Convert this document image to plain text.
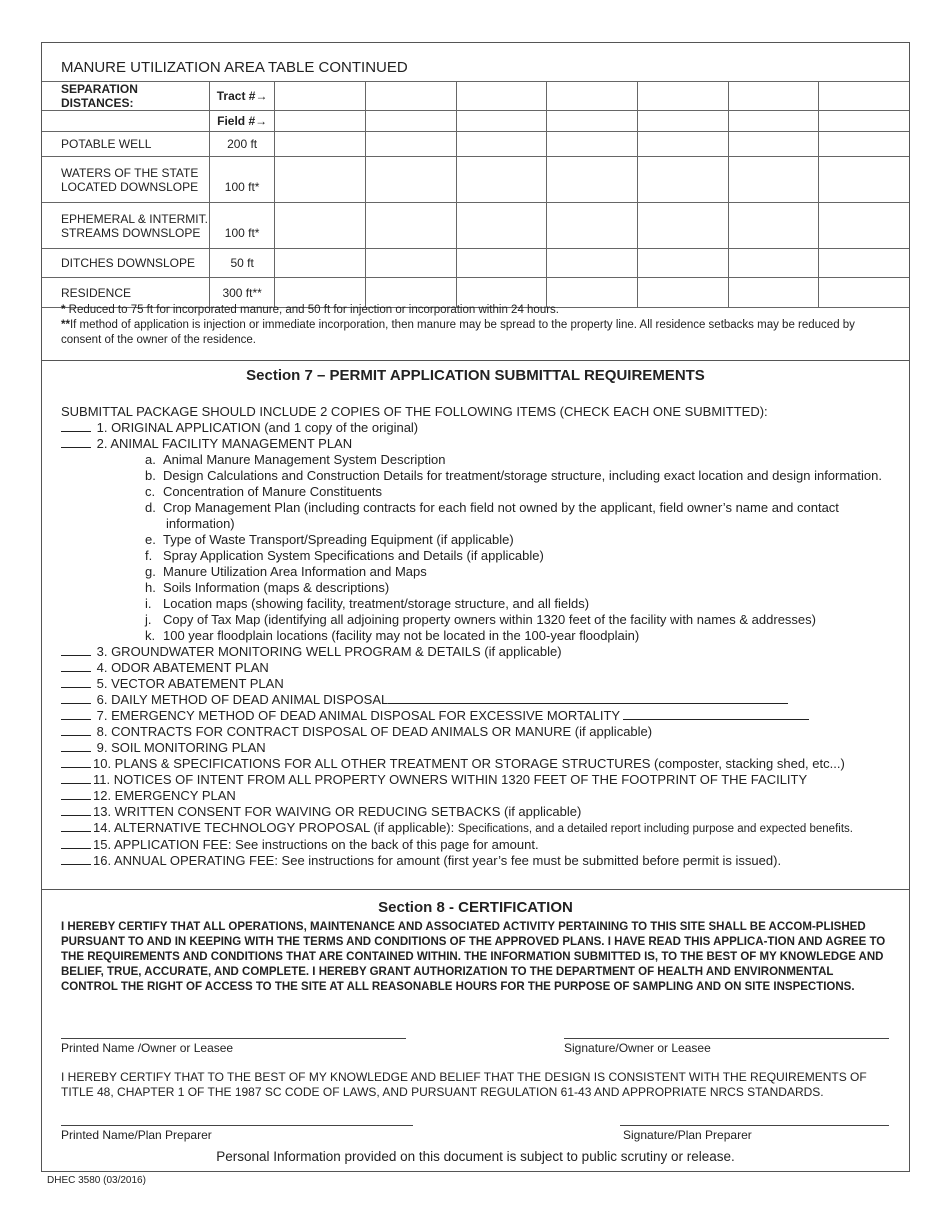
MANURE UTILIZATION AREA TABLE CONTINUED
SEPARATION DISTANCES:	Tract #→							
	Field #→							
POTABLE WELL	200 ft							
WATERS OF THE STATE
LOCATED DOWNSLOPE	100 ft*							
EPHEMERAL & INTERMIT.
STREAMS DOWNSLOPE	100 ft*							
DITCHES DOWNSLOPE	50 ft							
RESIDENCE	300 ft**							
* Reduced to 75 ft for incorporated manure, and 50 ft for injection or incorporation within 24 hours.
**If method of application is injection or immediate incorporation, then manure may be spread to the property line. All residence setbacks may be reduced by consent of the owner of the residence.
Section 7 – PERMIT APPLICATION SUBMITTAL REQUIREMENTS
SUBMITTAL PACKAGE SHOULD INCLUDE 2 COPIES OF THE FOLLOWING ITEMS (CHECK EACH ONE SUBMITTED):
1. ORIGINAL APPLICATION (and 1 copy of the original)
2. ANIMAL FACILITY MANAGEMENT PLAN
a. Animal Manure Management System Description
b. Design Calculations and Construction Details for treatment/storage structure, including exact location and design information.
c. Concentration of Manure Constituents
d. Crop Management Plan (including contracts for each field not owned by the applicant, field owner’s name and contact
information)
e. Type of Waste Transport/Spreading Equipment (if applicable)
f. Spray Application System Specifications and Details (if applicable)
g. Manure Utilization Area Information and Maps
h. Soils Information (maps & descriptions)
i. Location maps (showing facility, treatment/storage structure, and all fields)
j. Copy of Tax Map (identifying all adjoining property owners within 1320 feet of the facility with names & addresses)
k. 100 year floodplain locations (facility may not be located in the 100-year floodplain)
3. GROUNDWATER MONITORING WELL PROGRAM & DETAILS (if applicable)
4. ODOR ABATEMENT PLAN
5. VECTOR ABATEMENT PLAN
6. DAILY METHOD OF DEAD ANIMAL DISPOSAL
7. EMERGENCY METHOD OF DEAD ANIMAL DISPOSAL FOR EXCESSIVE MORTALITY
8. CONTRACTS FOR CONTRACT DISPOSAL OF DEAD ANIMALS OR MANURE (if applicable)
9. SOIL MONITORING PLAN
10. PLANS & SPECIFICATIONS FOR ALL OTHER TREATMENT OR STORAGE STRUCTURES (composter, stacking shed, etc...)
11. NOTICES OF INTENT FROM ALL PROPERTY OWNERS WITHIN 1320 FEET OF THE FOOTPRINT OF THE FACILITY
12. EMERGENCY PLAN
13. WRITTEN CONSENT FOR WAIVING OR REDUCING SETBACKS (if applicable)
14. ALTERNATIVE TECHNOLOGY PROPOSAL (if applicable): Specifications, and a detailed report including purpose and expected benefits.
15. APPLICATION FEE: See instructions on the back of this page for amount.
16. ANNUAL OPERATING FEE: See instructions for amount (first year’s fee must be submitted before permit is issued).
Section 8 - CERTIFICATION
I HEREBY CERTIFY THAT ALL OPERATIONS, MAINTENANCE AND ASSOCIATED ACTIVITY PERTAINING TO THIS SITE SHALL BE ACCOM-PLISHED PURSUANT TO AND IN KEEPING WITH THE TERMS AND CONDITIONS OF THE APPROVED PLANS. I HAVE READ THIS APPLICA-TION AND AGREE TO THE REQUIREMENTS AND CONDITIONS THAT ARE CONTAINED WITHIN. THE INFORMATION SUBMITTED IS, TO THE BEST OF MY KNOWLEDGE AND BELIEF, TRUE, ACCURATE, AND COMPLETE. I HEREBY GRANT AUTHORIZATION TO THE DEPARTMENT OF HEALTH AND ENVIRONMENTAL CONTROL THE RIGHT OF ACCESS TO THE SITE AT ALL REASONABLE HOURS FOR THE PURPOSE OF SAMPLING AND ON SITE INSPECTIONS.
Printed Name /Owner or Leasee	Signature/Owner or Leasee
I HEREBY CERTIFY THAT TO THE BEST OF MY KNOWLEDGE AND BELIEF THAT THE DESIGN IS CONSISTENT WITH THE REQUIREMENTS OF TITLE 48, CHAPTER 1 OF THE 1987 SC CODE OF LAWS, AND PURSUANT REGULATION 61-43 AND APPROPRIATE NRCS STANDARDS.
Printed Name/Plan Preparer	Signature/Plan Preparer
Personal Information provided on this document is subject to public scrutiny or release.
DHEC 3580 (03/2016)
